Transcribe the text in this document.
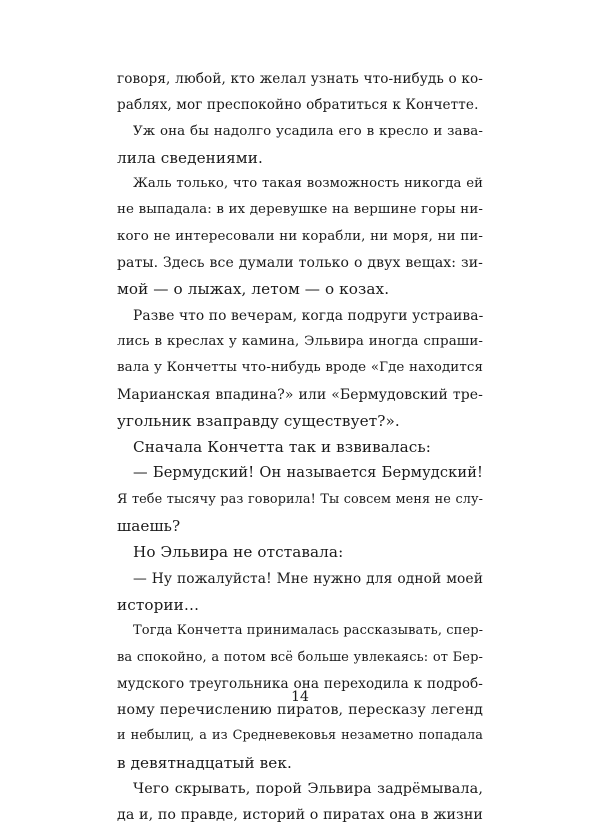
говоря, любой, кто желал узнать что-нибудь о ко-
раблях, мог преспокойно обратиться к Кончетте.
Уж она бы надолго усадила его в кресло и зава-
лила сведениями.
Жаль только, что такая возможность никогда ей
не выпадала: в их деревушке на вершине горы ни-
кого не интересовали ни корабли, ни моря, ни пи-
раты. Здесь все думали только о двух вещах: зи-
мой — о лыжах, летом — о козах.
Разве что по вечерам, когда подруги устраива-
лись в креслах у камина, Эльвира иногда спраши-
вала у Кончетты что-нибудь вроде «Где находится
Марианская впадина?» или «Бермудовский тре-
угольник взаправду существует?».
Сначала Кончетта так и взвивалась:
— Бермудский! Он называется Бермудский!
Я тебе тысячу раз говорила! Ты совсем меня не слу-
шаешь?
Но Эльвира не отставала:
— Ну пожалуйста! Мне нужно для одной моей
истории…
Тогда Кончетта принималась рассказывать, спер-
ва спокойно, а потом всё больше увлекаясь: от Бер-
мудского треугольника она переходила к подроб-
ному перечислению пиратов, пересказу легенд
и небылиц, а из Средневековья незаметно попадала
в девятнадцатый век.
Чего скрывать, порой Эльвира задрёмывала,
да и, по правде, историй о пиратах она в жизни
14
